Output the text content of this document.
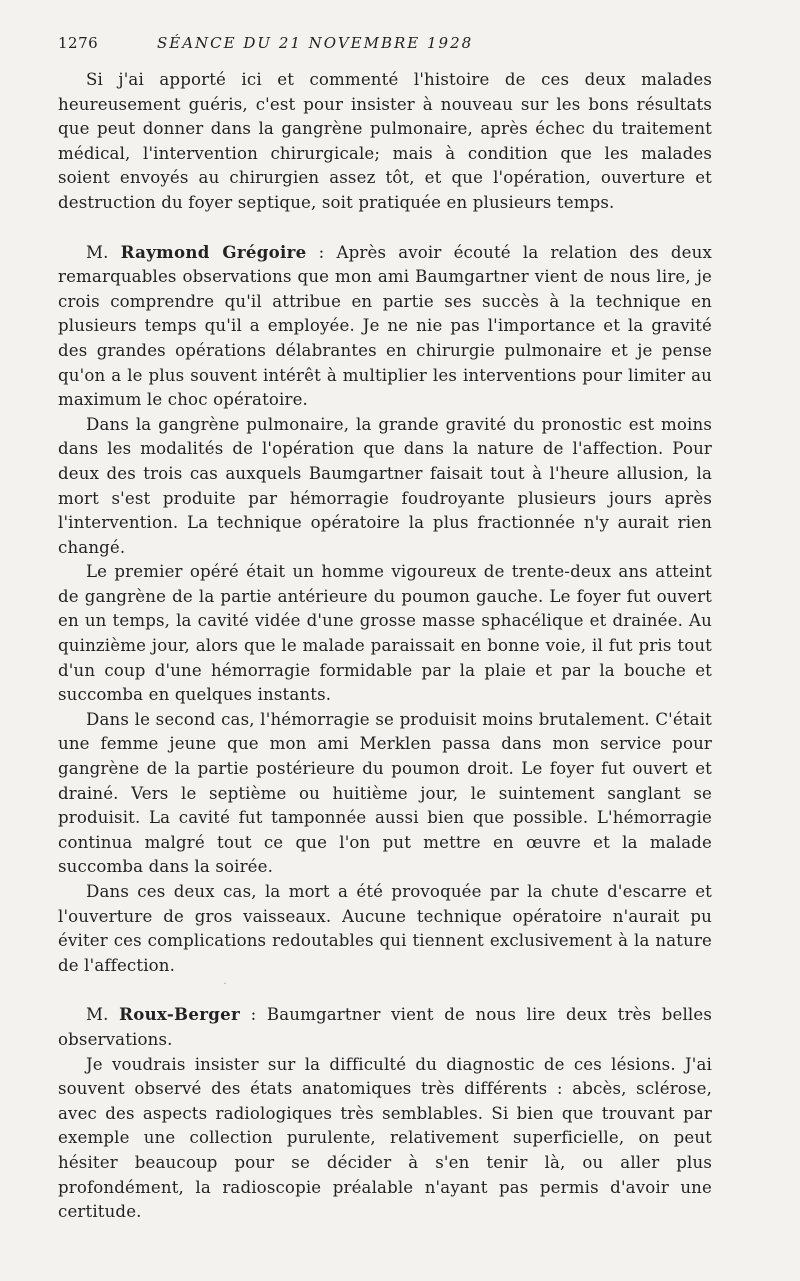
1276	SÉANCE DU 21 NOVEMBRE 1928

Si j'ai apporté ici et commenté l'histoire de ces deux malades heureusement guéris, c'est pour insister à nouveau sur les bons résultats que peut donner dans la gangrène pulmonaire, après échec du traitement médical, l'intervention chirurgicale; mais à condition que les malades soient envoyés au chirurgien assez tôt, et que l'opération, ouverture et destruction du foyer septique, soit pratiquée en plusieurs temps.

M. Raymond Grégoire : Après avoir écouté la relation des deux remarquables observations que mon ami Baumgartner vient de nous lire, je crois comprendre qu'il attribue en partie ses succès à la technique en plusieurs temps qu'il a employée. Je ne nie pas l'importance et la gravité des grandes opérations délabrantes en chirurgie pulmonaire et je pense qu'on a le plus souvent intérêt à multiplier les interventions pour limiter au maximum le choc opératoire.

Dans la gangrène pulmonaire, la grande gravité du pronostic est moins dans les modalités de l'opération que dans la nature de l'affection. Pour deux des trois cas auxquels Baumgartner faisait tout à l'heure allusion, la mort s'est produite par hémorragie foudroyante plusieurs jours après l'intervention. La technique opératoire la plus fractionnée n'y aurait rien changé.

Le premier opéré était un homme vigoureux de trente-deux ans atteint de gangrène de la partie antérieure du poumon gauche. Le foyer fut ouvert en un temps, la cavité vidée d'une grosse masse sphacélique et drainée. Au quinzième jour, alors que le malade paraissait en bonne voie, il fut pris tout d'un coup d'une hémorragie formidable par la plaie et par la bouche et succomba en quelques instants.

Dans le second cas, l'hémorragie se produisit moins brutalement. C'était une femme jeune que mon ami Merklen passa dans mon service pour gangrène de la partie postérieure du poumon droit. Le foyer fut ouvert et drainé. Vers le septième ou huitième jour, le suintement sanglant se produisit. La cavité fut tamponnée aussi bien que possible. L'hémorragie continua malgré tout ce que l'on put mettre en œuvre et la malade succomba dans la soirée.

Dans ces deux cas, la mort a été provoquée par la chute d'escarre et l'ouverture de gros vaisseaux. Aucune technique opératoire n'aurait pu éviter ces complications redoutables qui tiennent exclusivement à la nature de l'affection.

·

M. Roux-Berger : Baumgartner vient de nous lire deux très belles observations.

Je voudrais insister sur la difficulté du diagnostic de ces lésions. J'ai souvent observé des états anatomiques très différents : abcès, sclérose, avec des aspects radiologiques très semblables. Si bien que trouvant par exemple une collection purulente, relativement superficielle, on peut hésiter beaucoup pour se décider à s'en tenir là, ou aller plus profondément, la radioscopie préalable n'ayant pas permis d'avoir une certitude.
